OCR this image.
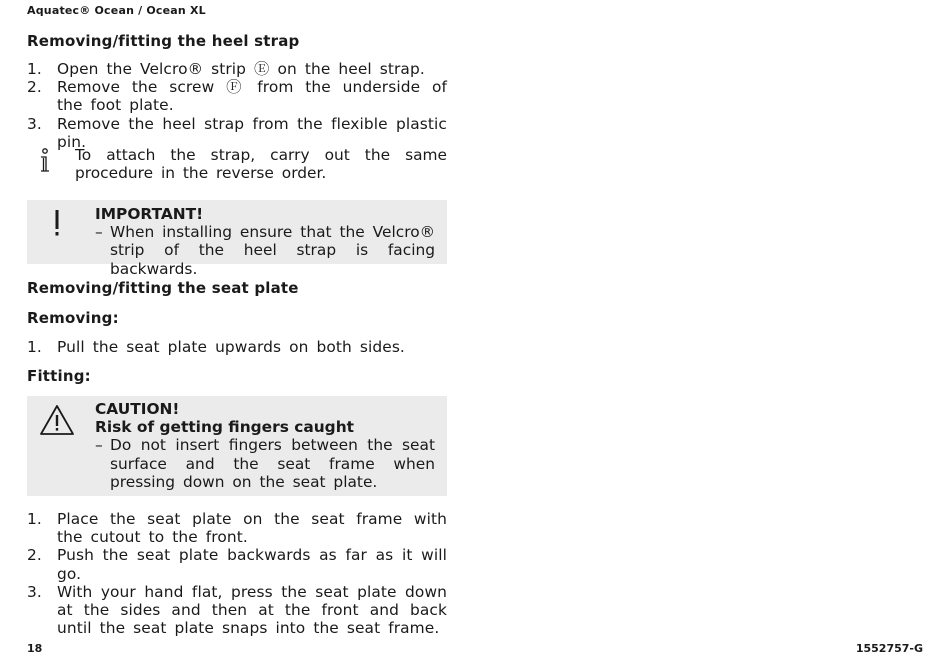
Aquatec® Ocean / Ocean XL
Removing/fitting the heel strap
1. Open the Velcro® strip Ⓔ on the heel strap.
2. Remove the screw Ⓕ from the underside of the foot plate.
3. Remove the heel strap from the flexible plastic pin.
To attach the strap, carry out the same procedure in the reverse order.
IMPORTANT!
– When installing ensure that the Velcro® strip of the heel strap is facing backwards.
Removing/fitting the seat plate
Removing:
1. Pull the seat plate upwards on both sides.
Fitting:
CAUTION!
Risk of getting fingers caught
– Do not insert fingers between the seat surface and the seat frame when pressing down on the seat plate.
1. Place the seat plate on the seat frame with the cutout to the front.
2. Push the seat plate backwards as far as it will go.
3. With your hand flat, press the seat plate down at the sides and then at the front and back until the seat plate snaps into the seat frame.
18	1552757-G
